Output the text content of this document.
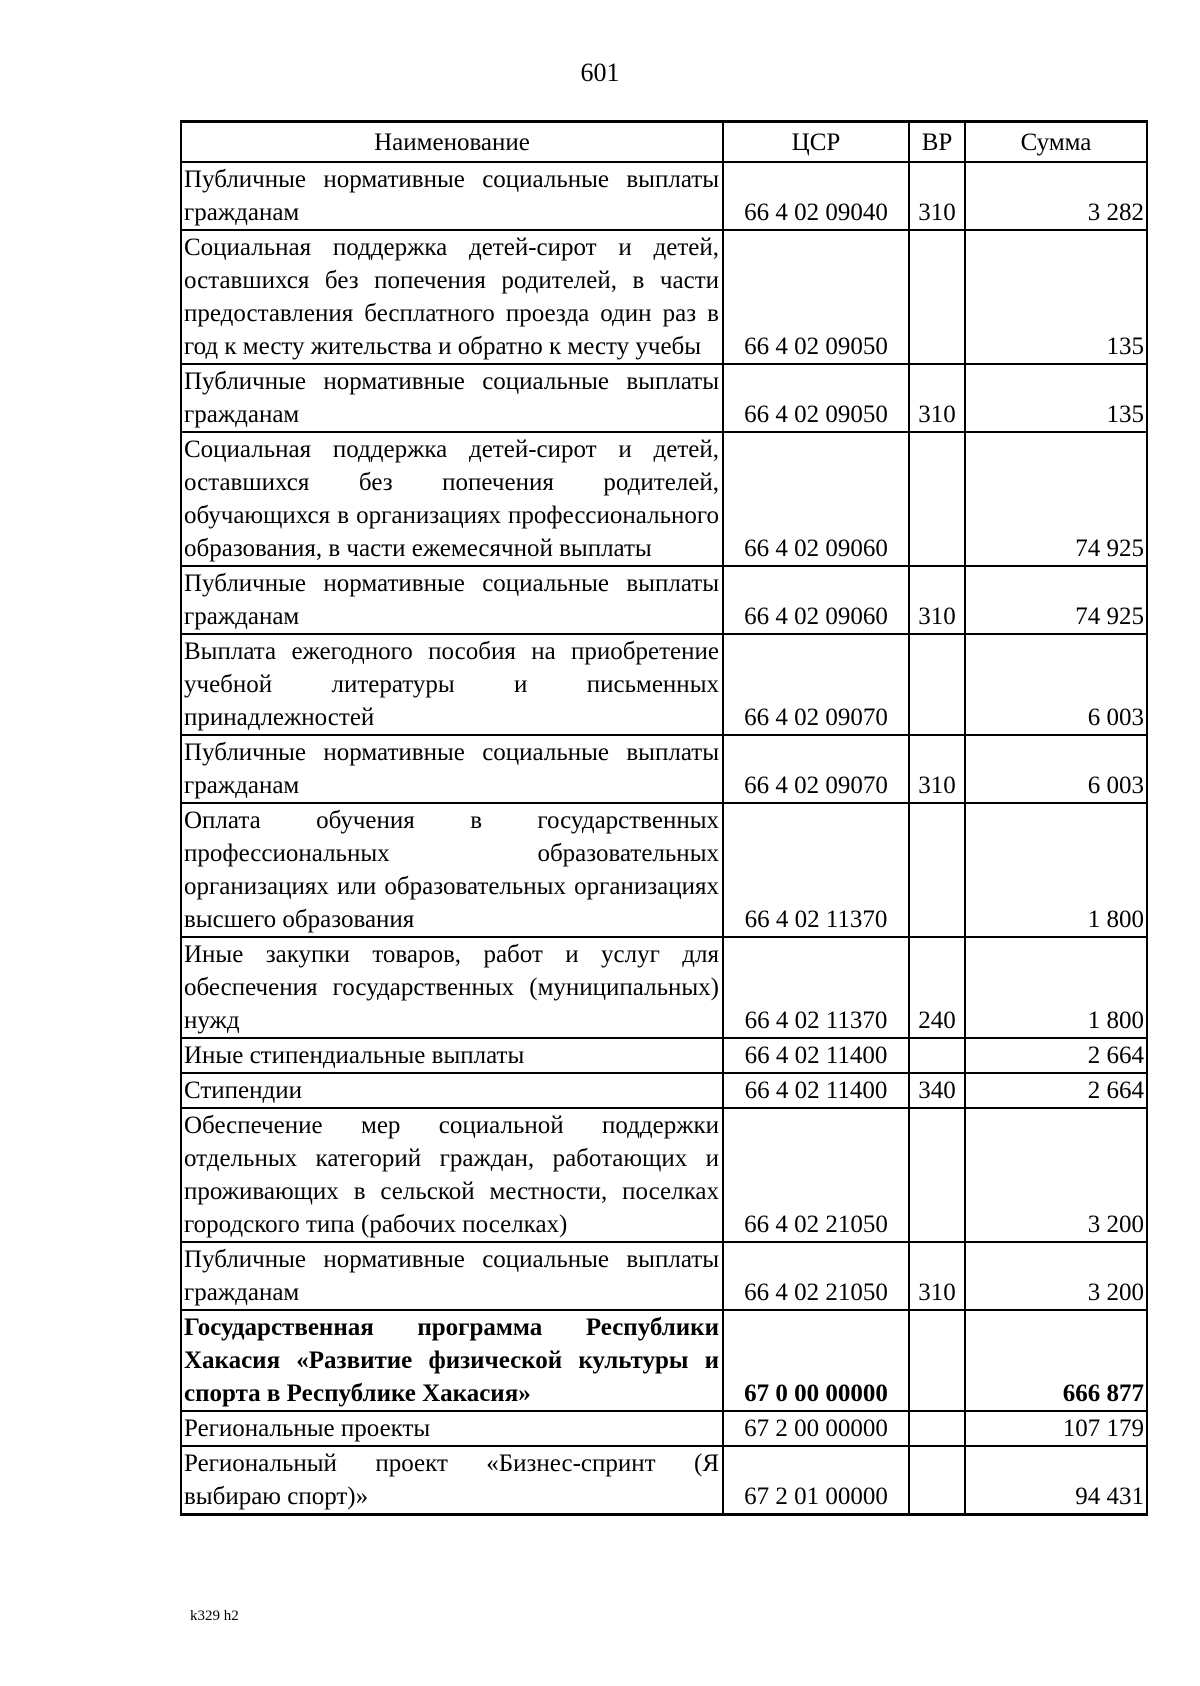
601
Наименование	ЦСР	ВР	Сумма
Публичные нормативные социальные выплаты гражданам	66 4 02 09040	310	3 282
Социальная поддержка детей-сирот и детей, оставшихся без попечения родителей, в части предоставления бесплатного проезда один раз в год к месту жительства и обратно к месту учебы	66 4 02 09050		135
Публичные нормативные социальные выплаты гражданам	66 4 02 09050	310	135
Социальная поддержка детей-сирот и детей, оставшихся без попечения родителей, обучающихся в организациях профессионального образования, в части ежемесячной выплаты	66 4 02 09060		74 925
Публичные нормативные социальные выплаты гражданам	66 4 02 09060	310	74 925
Выплата ежегодного пособия на приобретение учебной литературы и письменных принадлежностей	66 4 02 09070		6 003
Публичные нормативные социальные выплаты гражданам	66 4 02 09070	310	6 003
Оплата обучения в государственных профессиональных образовательных организациях или образовательных организациях высшего образования	66 4 02 11370		1 800
Иные закупки товаров, работ и услуг для обеспечения государственных (муниципальных) нужд	66 4 02 11370	240	1 800
Иные стипендиальные выплаты	66 4 02 11400		2 664
Стипендии	66 4 02 11400	340	2 664
Обеспечение мер социальной поддержки отдельных категорий граждан, работающих и проживающих в сельской местности, поселках городского типа (рабочих поселках)	66 4 02 21050		3 200
Публичные нормативные социальные выплаты гражданам	66 4 02 21050	310	3 200
Государственная программа Республики Хакасия «Развитие физической культуры и спорта в Республике Хакасия»	67 0 00 00000		666 877
Региональные проекты	67 2 00 00000		107 179
Региональный проект «Бизнес-спринт (Я выбираю спорт)»	67 2 01 00000		94 431
k329 h2
